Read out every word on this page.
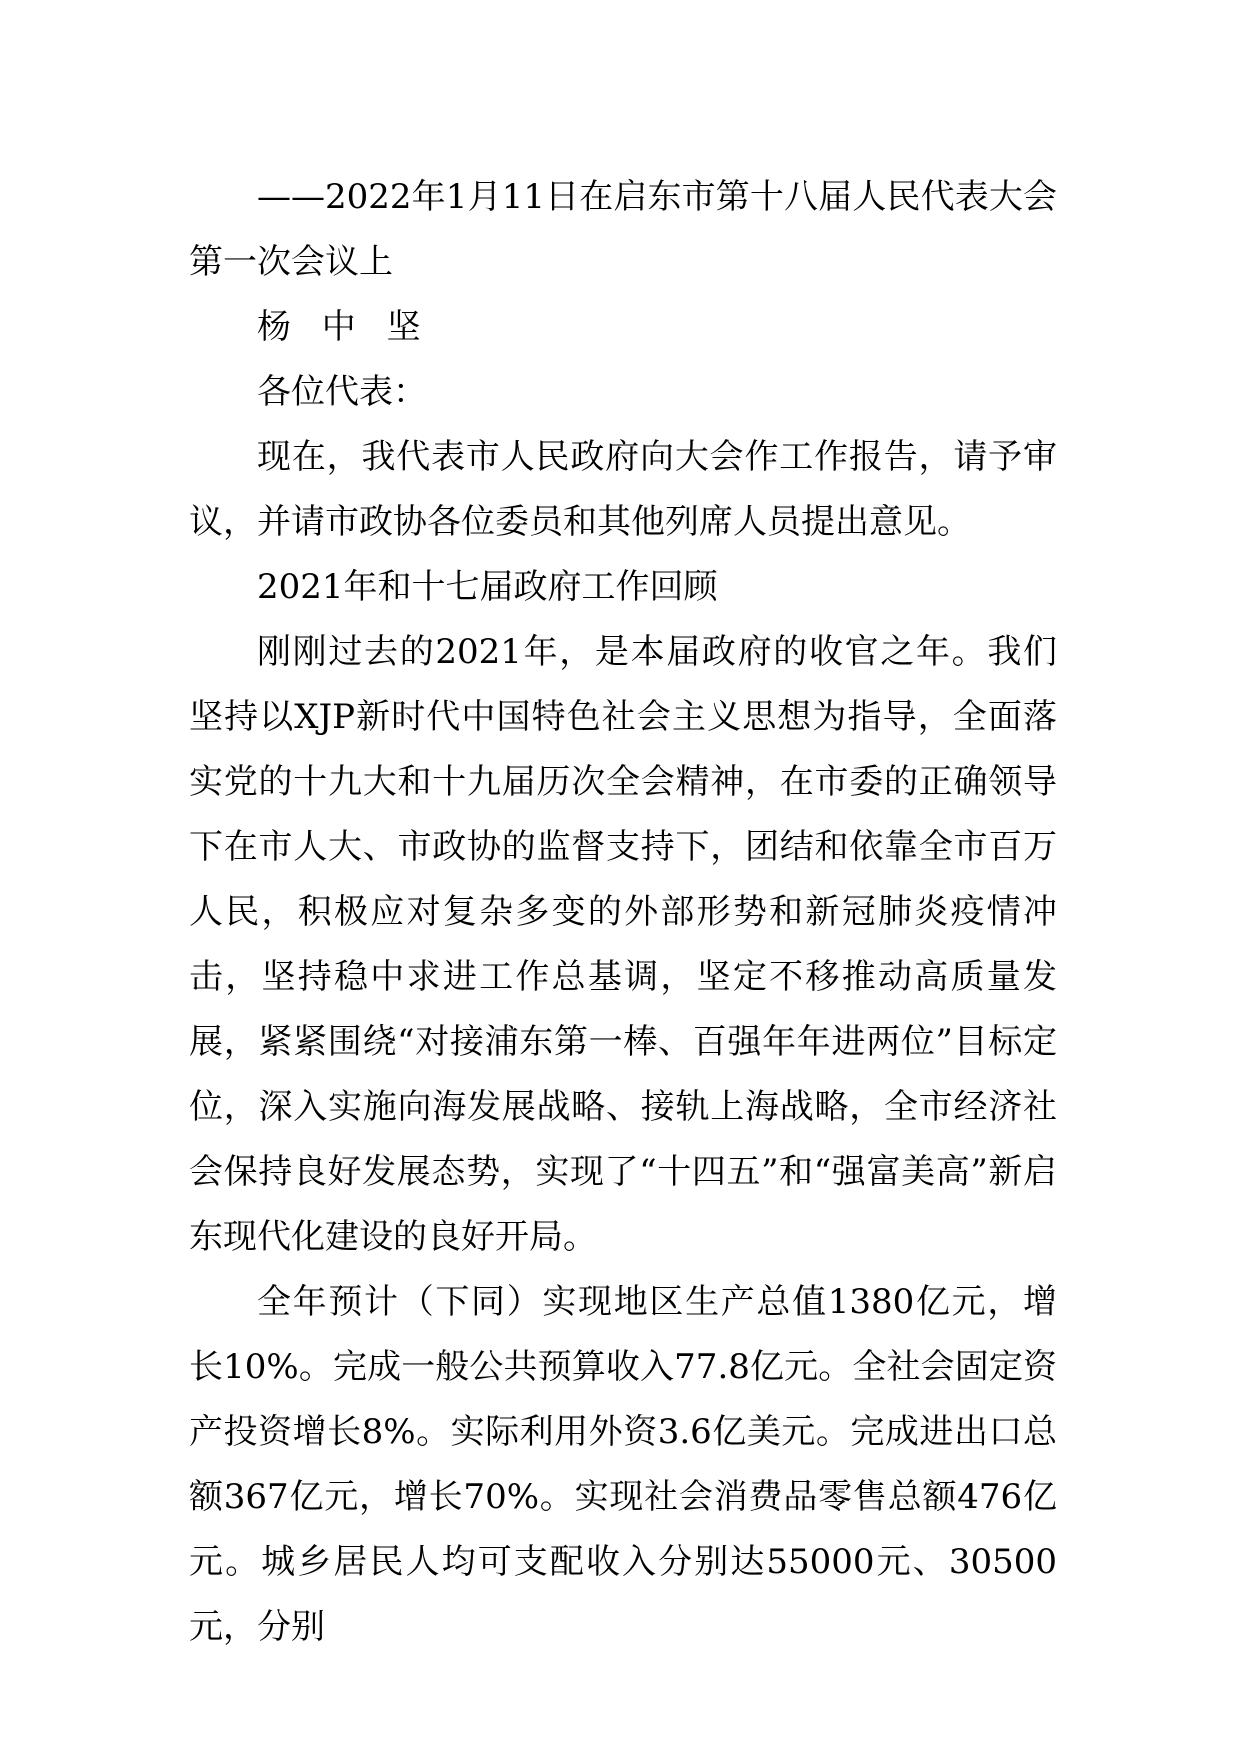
——2022年1月11日在启东市第十八届人民代表大会第一次会议上

杨 中 坚

各位代表：

现在，我代表市人民政府向大会作工作报告，请予审议，并请市政协各位委员和其他列席人员提出意见。

2021年和十七届政府工作回顾

刚刚过去的2021年，是本届政府的收官之年。我们坚持以XJP新时代中国特色社会主义思想为指导，全面落实党的十九大和十九届历次全会精神，在市委的正确领导下在市人大、市政协的监督支持下，团结和依靠全市百万人民，积极应对复杂多变的外部形势和新冠肺炎疫情冲击，坚持稳中求进工作总基调，坚定不移推动高质量发展，紧紧围绕“对接浦东第一棒、百强年年进两位”目标定位，深入实施向海发展战略、接轨上海战略，全市经济社会保持良好发展态势，实现了“十四五”和“强富美高”新启东现代化建设的良好开局。

全年预计（下同）实现地区生产总值1380亿元，增长10%。完成一般公共预算收入77.8亿元。全社会固定资产投资增长8%。实际利用外资3.6亿美元。完成进出口总额367亿元，增长70%。实现社会消费品零售总额476亿元。城乡居民人均可支配收入分别达55000元、30500元，分别
